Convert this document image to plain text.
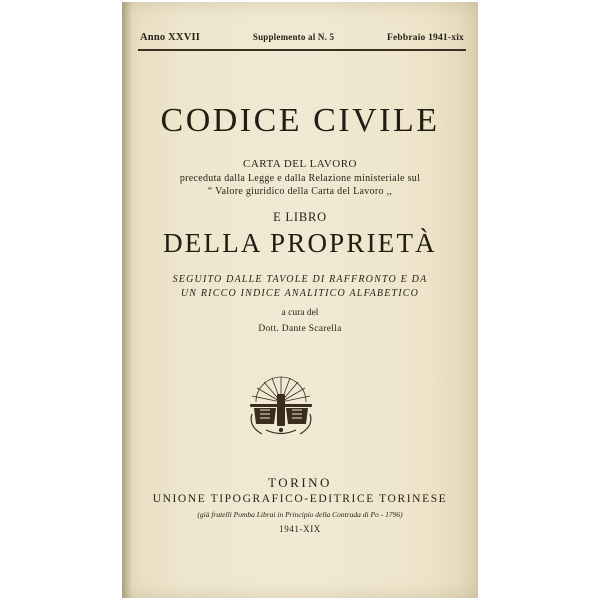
Anno XXVII	Supplemento al N. 5	Febbraio 1941-xix
CODICE CIVILE
CARTA DEL LAVORO
preceduta dalla Legge e dalla Relazione ministeriale sul
“ Valore giuridico della Carta del Lavoro ,,
E LIBRO
DELLA PROPRIETÀ
SEGUITO DALLE TAVOLE DI RAFFRONTO E DA
UN RICCO INDICE ANALITICO ALFABETICO
a cura del
Dott. Dante Scarella
TORINO
UNIONE TIPOGRAFICO-EDITRICE TORINESE
(già fratelli Pomba Librai in Principio della Contrada di Po - 1796)
1941-XIX
